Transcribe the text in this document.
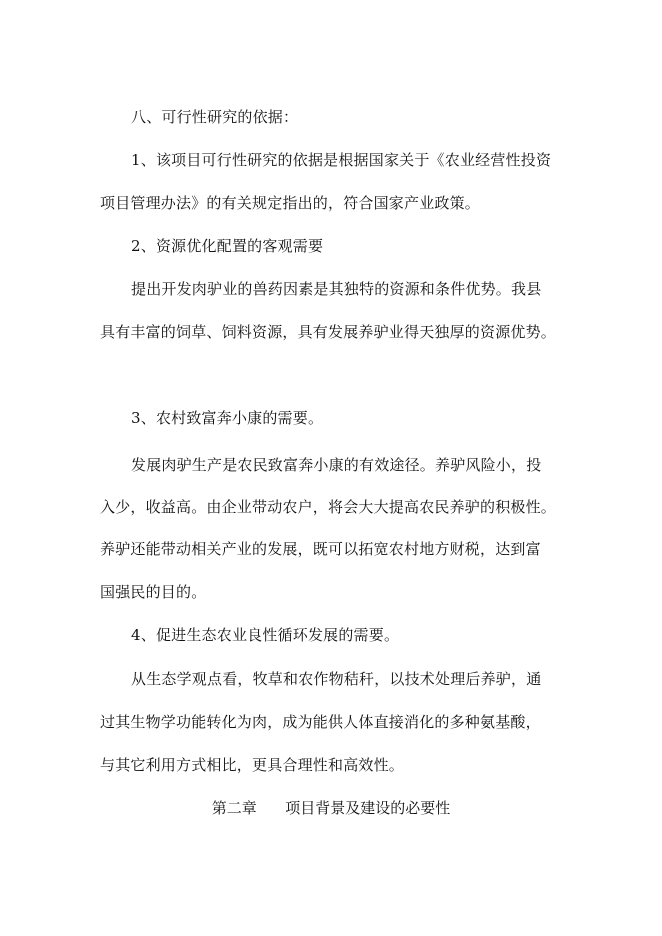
八、可行性研究的依据：
1、该项目可行性研究的依据是根据国家关于《农业经营性投资
项目管理办法》的有关规定指出的，符合国家产业政策。
2、资源优化配置的客观需要
提出开发肉驴业的兽药因素是其独特的资源和条件优势。我县
具有丰富的饲草、饲料资源，具有发展养驴业得天独厚的资源优势。
3、农村致富奔小康的需要。
发展肉驴生产是农民致富奔小康的有效途径。养驴风险小，投
入少，收益高。由企业带动农户，将会大大提高农民养驴的积极性。
养驴还能带动相关产业的发展，既可以拓宽农村地方财税，达到富
国强民的目的。
4、促进生态农业良性循环发展的需要。
从生态学观点看，牧草和农作物秸秆，以技术处理后养驴，通
过其生物学功能转化为肉，成为能供人体直接消化的多种氨基酸，
与其它利用方式相比，更具合理性和高效性。
第二章      项目背景及建设的必要性
